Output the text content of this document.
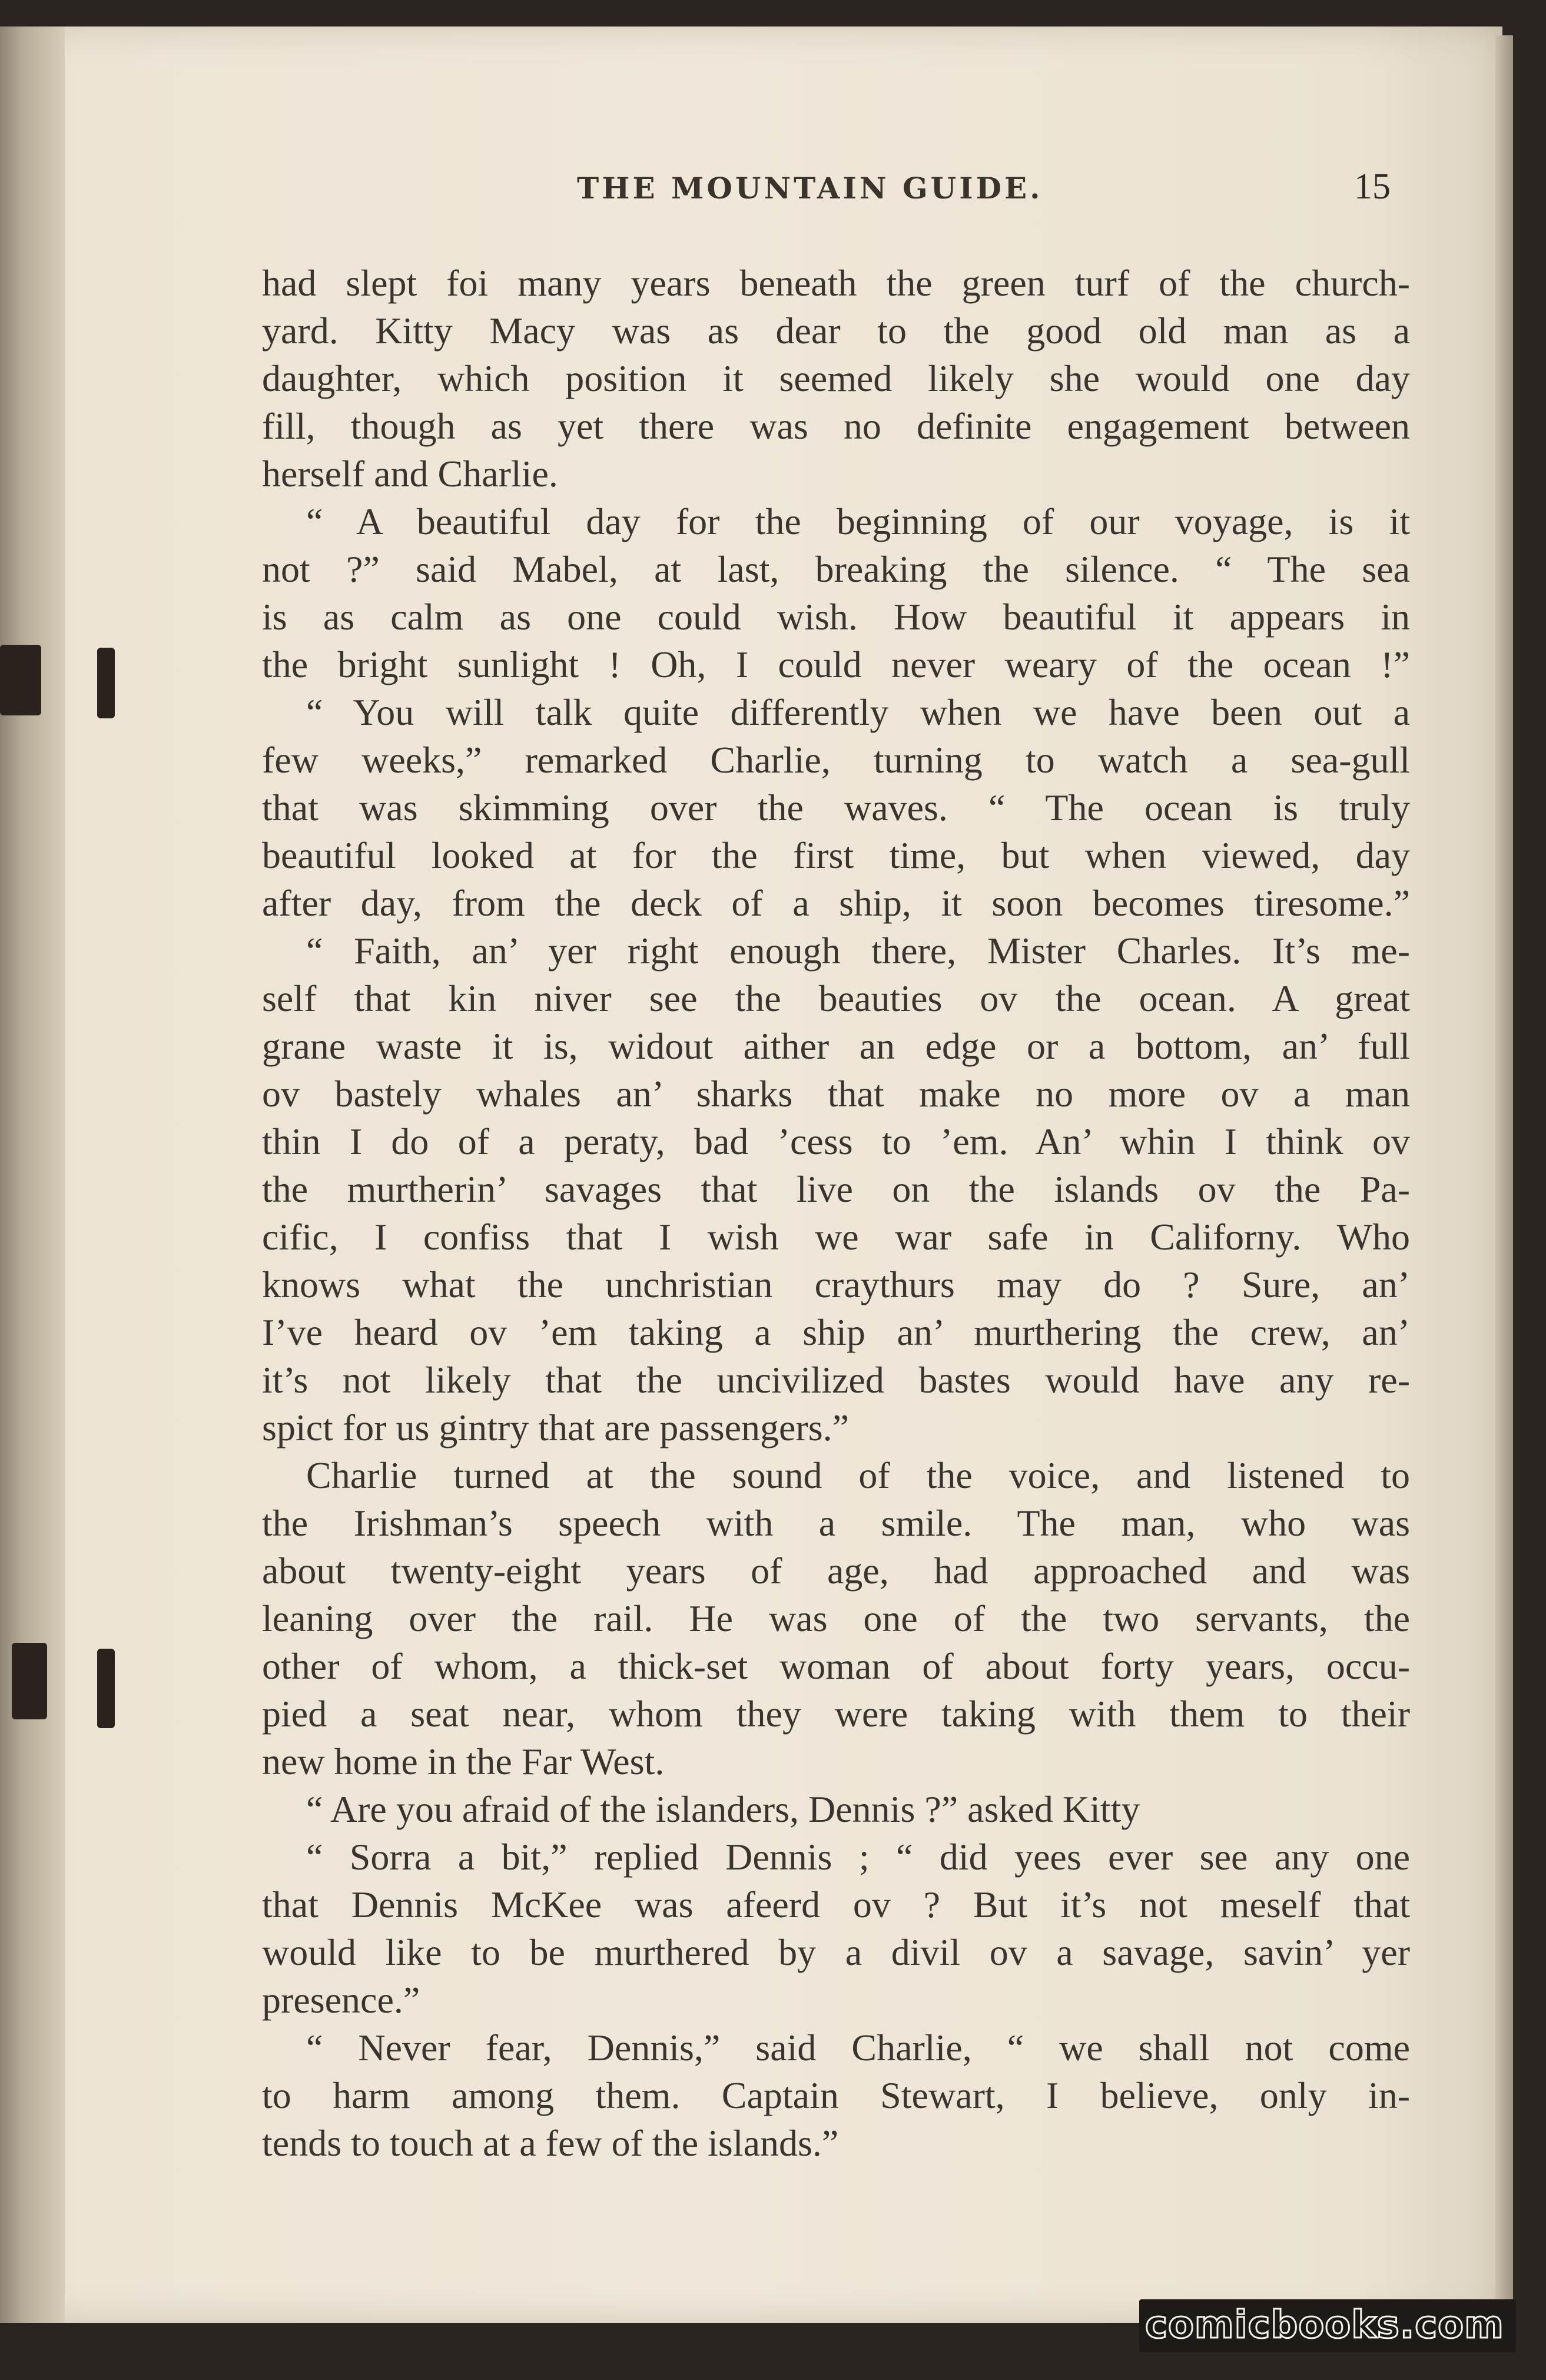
THE MOUNTAIN GUIDE.	15
had slept foi many years beneath the green turf of the church-
yard. Kitty Macy was as dear to the good old man as a
daughter, which position it seemed likely she would one day
fill, though as yet there was no definite engagement between
herself and Charlie.
“ A beautiful day for the beginning of our voyage, is it
not ?” said Mabel, at last, breaking the silence. “ The sea
is as calm as one could wish. How beautiful it appears in
the bright sunlight ! Oh, I could never weary of the ocean !”
“ You will talk quite differently when we have been out a
few weeks,” remarked Charlie, turning to watch a sea-gull
that was skimming over the waves. “ The ocean is truly
beautiful looked at for the first time, but when viewed, day
after day, from the deck of a ship, it soon becomes tiresome.”
“ Faith, an’ yer right enough there, Mister Charles. It’s me-
self that kin niver see the beauties ov the ocean. A great
grane waste it is, widout aither an edge or a bottom, an’ full
ov bastely whales an’ sharks that make no more ov a man
thin I do of a peraty, bad ’cess to ’em. An’ whin I think ov
the murtherin’ savages that live on the islands ov the Pa-
cific, I confiss that I wish we war safe in Californy. Who
knows what the unchristian craythurs may do ? Sure, an’
I’ve heard ov ’em taking a ship an’ murthering the crew, an’
it’s not likely that the uncivilized bastes would have any re-
spict for us gintry that are passengers.”
Charlie turned at the sound of the voice, and listened to
the Irishman’s speech with a smile. The man, who was
about twenty-eight years of age, had approached and was
leaning over the rail. He was one of the two servants, the
other of whom, a thick-set woman of about forty years, occu-
pied a seat near, whom they were taking with them to their
new home in the Far West.
“ Are you afraid of the islanders, Dennis ?” asked Kitty
“ Sorra a bit,” replied Dennis ; “ did yees ever see any one
that Dennis McKee was afeerd ov ? But it’s not meself that
would like to be murthered by a divil ov a savage, savin’ yer
presence.”
“ Never fear, Dennis,” said Charlie, “ we shall not come
to harm among them. Captain Stewart, I believe, only in-
tends to touch at a few of the islands.”
comicbooks.com
